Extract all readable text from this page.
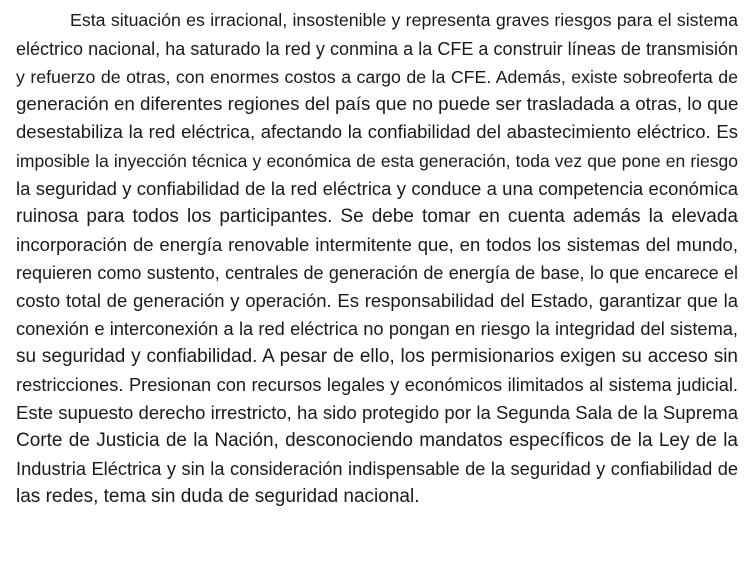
Esta situación es irracional, insostenible y representa graves riesgos para el sistema

eléctrico nacional, ha saturado la red y conmina a la CFE a construir líneas de transmisión

y refuerzo de otras, con enormes costos a cargo de la CFE. Además, existe sobreoferta de

generación en diferentes regiones del país que no puede ser trasladada a otras, lo que

desestabiliza la red eléctrica, afectando la confiabilidad del abastecimiento eléctrico. Es

imposible la inyección técnica y económica de esta generación, toda vez que pone en riesgo

la seguridad y confiabilidad de la red eléctrica y conduce a una competencia económica

ruinosa para todos los participantes. Se debe tomar en cuenta además la elevada

incorporación de energía renovable intermitente que, en todos los sistemas del mundo,

requieren como sustento, centrales de generación de energía de base, lo que encarece el

costo total de generación y operación. Es responsabilidad del Estado, garantizar que la

conexión e interconexión a la red eléctrica no pongan en riesgo la integridad del sistema,

su seguridad y confiabilidad. A pesar de ello, los permisionarios exigen su acceso sin

restricciones. Presionan con recursos legales y económicos ilimitados al sistema judicial.

Este supuesto derecho irrestricto, ha sido protegido por la Segunda Sala de la Suprema

Corte de Justicia de la Nación, desconociendo mandatos específicos de la Ley de la

Industria Eléctrica y sin la consideración indispensable de la seguridad y confiabilidad de

las redes, tema sin duda de seguridad nacional.
